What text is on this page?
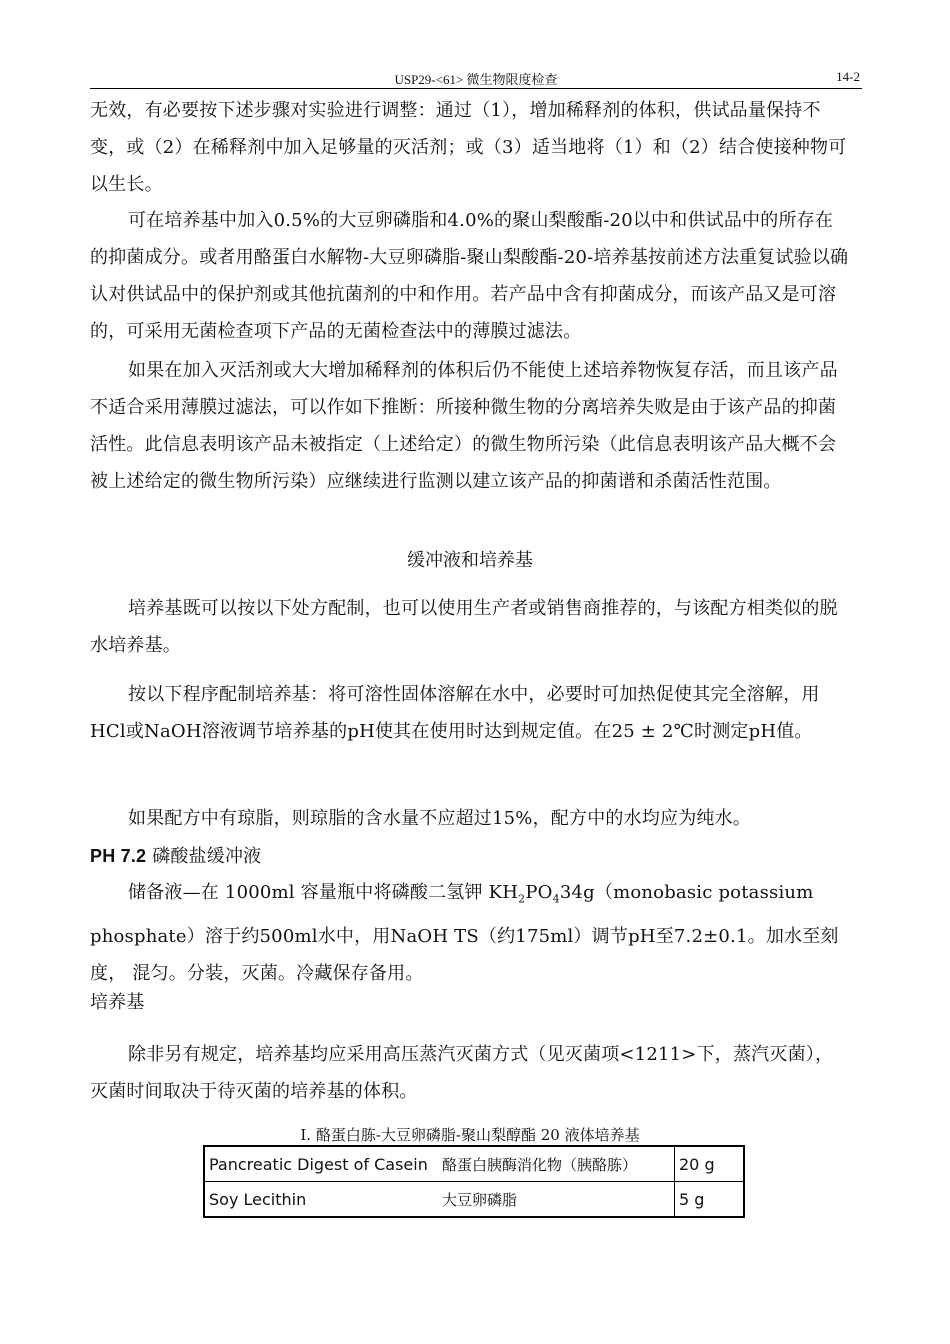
USP29-<61> 微生物限度检查	14-2

无效，有必要按下述步骤对实验进行调整：通过（1），增加稀释剂的体积，供试品量保持不变，或（2）在稀释剂中加入足够量的灭活剂；或（3）适当地将（1）和（2）结合使接种物可以生长。

可在培养基中加入0.5%的大豆卵磷脂和4.0%的聚山梨酸酯-20以中和供试品中的所存在的抑菌成分。或者用酪蛋白水解物-大豆卵磷脂-聚山梨酸酯-20-培养基按前述方法重复试验以确认对供试品中的保护剂或其他抗菌剂的中和作用。若产品中含有抑菌成分，而该产品又是可溶的，可采用无菌检查项下产品的无菌检查法中的薄膜过滤法。

如果在加入灭活剂或大大增加稀释剂的体积后仍不能使上述培养物恢复存活，而且该产品不适合采用薄膜过滤法，可以作如下推断：所接种微生物的分离培养失败是由于该产品的抑菌活性。此信息表明该产品未被指定（上述给定）的微生物所污染（此信息表明该产品大概不会被上述给定的微生物所污染）应继续进行监测以建立该产品的抑菌谱和杀菌活性范围。

缓冲液和培养基

培养基既可以按以下处方配制，也可以使用生产者或销售商推荐的，与该配方相类似的脱水培养基。

按以下程序配制培养基：将可溶性固体溶解在水中，必要时可加热促使其完全溶解，用HCl或NaOH溶液调节培养基的pH使其在使用时达到规定值。在25 ± 2℃时测定pH值。

如果配方中有琼脂，则琼脂的含水量不应超过15%，配方中的水均应为纯水。

PH 7.2 磷酸盐缓冲液

储备液—在 1000ml 容量瓶中将磷酸二氢钾 $KH_2PO_434g(monobasic$ potassium phosphate）溶于约500ml水中，用NaOH TS（约175ml）调节pH至7.2±0.1。加水至刻度， 混匀。分装，灭菌。冷藏保存备用。

培养基

除非另有规定，培养基均应采用高压蒸汽灭菌方式（见灭菌项<1211>下，蒸汽灭菌），灭菌时间取决于待灭菌的培养基的体积。

I. 酪蛋白胨-大豆卵磷脂-聚山梨醇酯 20 液体培养基
Pancreatic Digest of Casein	酪蛋白胰酶消化物（胰酪胨）	20 g
Soy Lecithin	大豆卵磷脂	5 g
